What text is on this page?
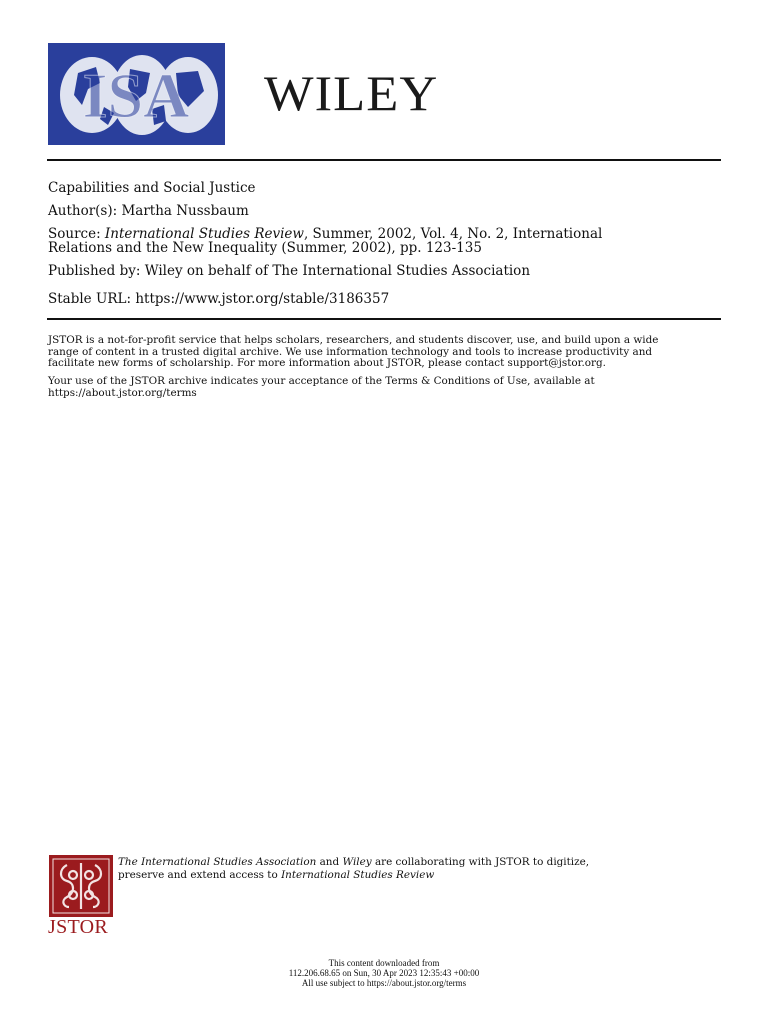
ISA WILEY
Capabilities and Social Justice
Author(s): Martha Nussbaum
Source: International Studies Review, Summer, 2002, Vol. 4, No. 2, International
Relations and the New Inequality (Summer, 2002), pp. 123-135
Published by: Wiley on behalf of The International Studies Association
Stable URL: https://www.jstor.org/stable/3186357
JSTOR is a not-for-profit service that helps scholars, researchers, and students discover, use, and build upon a wide
range of content in a trusted digital archive. We use information technology and tools to increase productivity and
facilitate new forms of scholarship. For more information about JSTOR, please contact support@jstor.org.
Your use of the JSTOR archive indicates your acceptance of the Terms & Conditions of Use, available at
https://about.jstor.org/terms
JSTOR
The International Studies Association and Wiley are collaborating with JSTOR to digitize,
preserve and extend access to International Studies Review
This content downloaded from
112.206.68.65 on Sun, 30 Apr 2023 12:35:43 +00:00
All use subject to https://about.jstor.org/terms
